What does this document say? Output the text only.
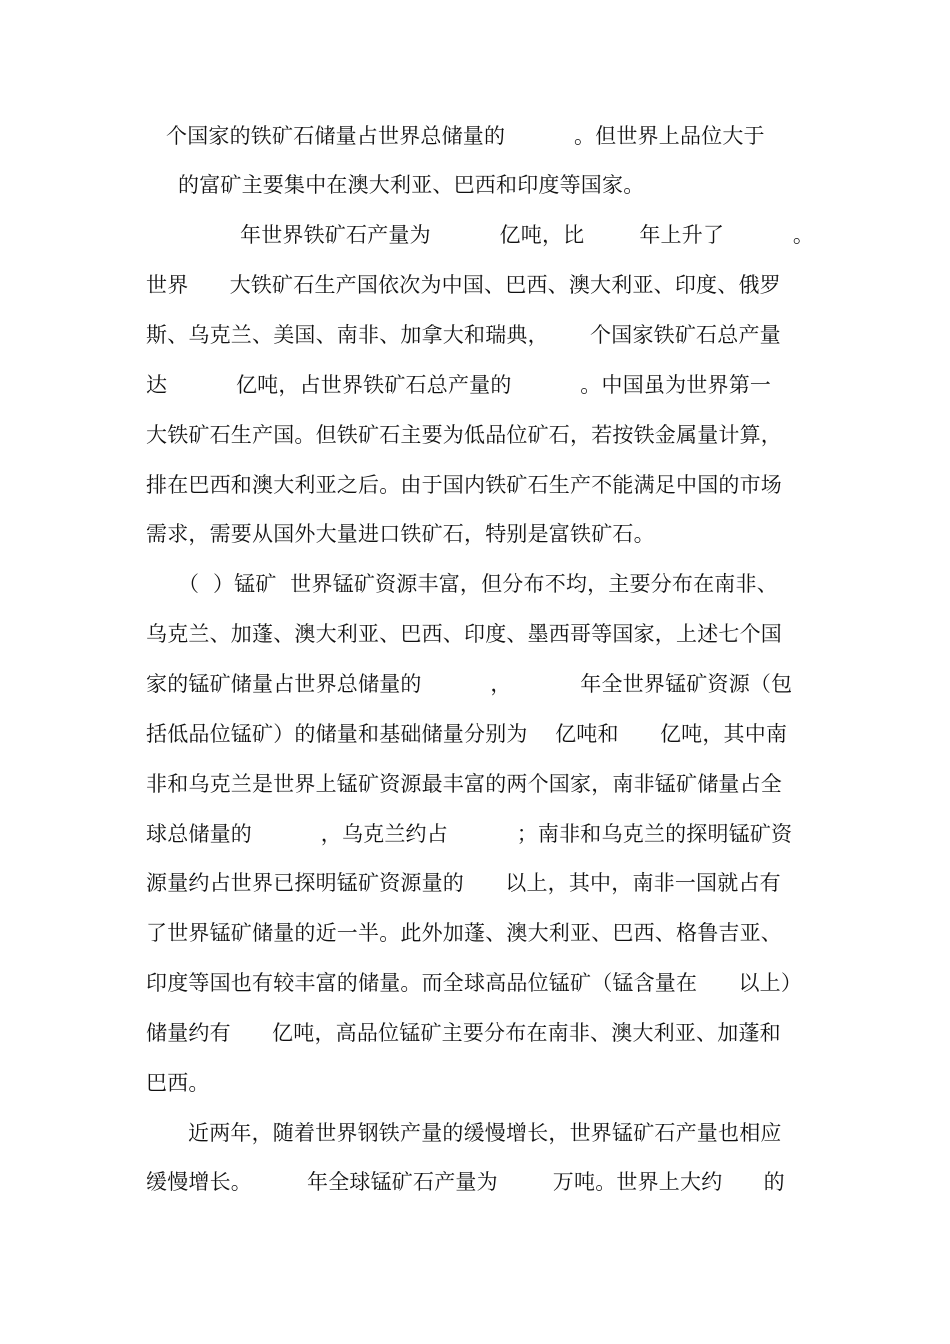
个国家的铁矿石储量占世界总储量的          。但世界上品位大于
的富矿主要集中在澳大利亚、巴西和印度等国家。
年世界铁矿石产量为          亿吨，比        年上升了          。
世界      大铁矿石生产国依次为中国、巴西、澳大利亚、印度、俄罗
斯、乌克兰、美国、南非、加拿大和瑞典，      个国家铁矿石总产量
达          亿吨，占世界铁矿石总产量的          。中国虽为世界第一
大铁矿石生产国。但铁矿石主要为低品位矿石，若按铁金属量计算，
排在巴西和澳大利亚之后。由于国内铁矿石生产不能满足中国的市场
需求，需要从国外大量进口铁矿石，特别是富铁矿石。
（  ）锰矿  世界锰矿资源丰富，但分布不均，主要分布在南非、
乌克兰、加蓬、澳大利亚、巴西、印度、墨西哥等国家，上述七个国
家的锰矿储量占世界总储量的          ，          年全世界锰矿资源（包
括低品位锰矿）的储量和基础储量分别为    亿吨和      亿吨，其中南
非和乌克兰是世界上锰矿资源最丰富的两个国家，南非锰矿储量占全
球总储量的          ，乌克兰约占          ；南非和乌克兰的探明锰矿资
源量约占世界已探明锰矿资源量的      以上，其中，南非一国就占有
了世界锰矿储量的近一半。此外加蓬、澳大利亚、巴西、格鲁吉亚、
印度等国也有较丰富的储量。而全球高品位锰矿（锰含量在      以上）
储量约有      亿吨，高品位锰矿主要分布在南非、澳大利亚、加蓬和
巴西。
近两年，随着世界钢铁产量的缓慢增长，世界锰矿石产量也相应
缓慢增长。        年全球锰矿石产量为        万吨。世界上大约      的
